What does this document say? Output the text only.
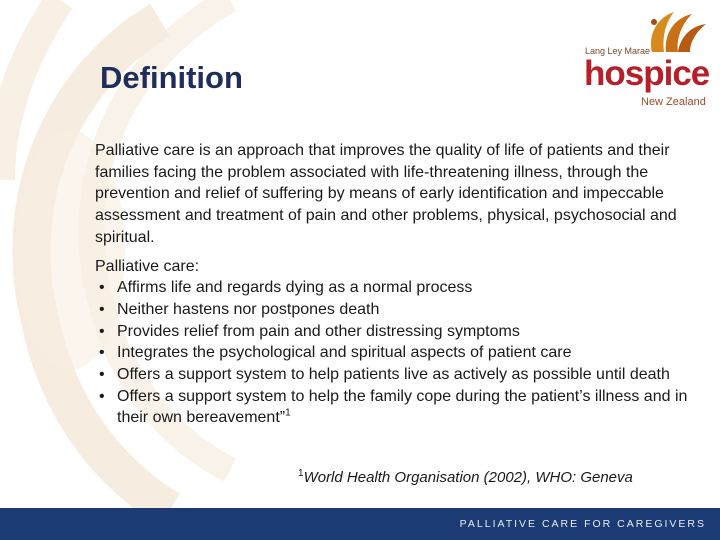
Definition
Lang Ley Marae
hospice
New Zealand

Palliative care is an approach that improves the quality of life of patients and their families facing the problem associated with life-threatening illness, through the prevention and relief of suffering by means of early identification and impeccable assessment and treatment of pain and other problems, physical, psychosocial and spiritual.

Palliative care:

• Affirms life and regards dying as a normal process
• Neither hastens nor postpones death
• Provides relief from pain and other distressing symptoms
• Integrates the psychological and spiritual aspects of patient care
• Offers a support system to help patients live as actively as possible until death
• Offers a support system to help the family cope during the patient’s illness and in their own bereavement”$^1$
$^1$World Health Organisation (2002), WHO: Geneva
PALLIATIVE CARE FOR CAREGIVERS
